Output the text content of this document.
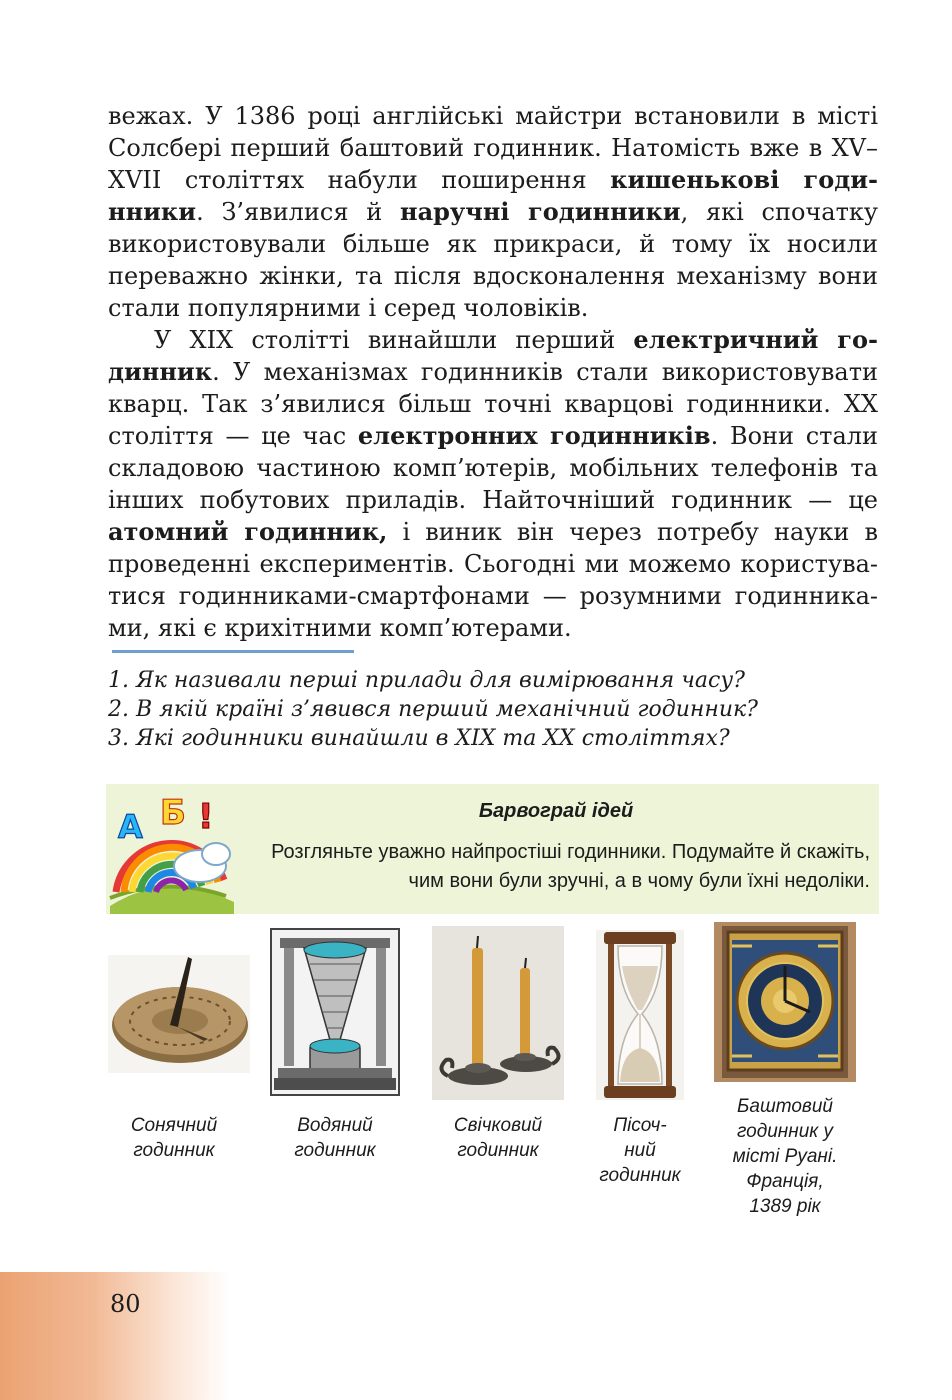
вежах. У 1386 році англійські майстри встановили в місті Солсбері перший баштовий годинник. Натомість вже в XV–XVII століттях набули поширення кишенькові годинники. З’явилися й наручні годинники, які спочатку використовували більше як прикраси, й тому їх носили переважно жінки, та після вдосконалення механізму вони стали популярними і серед чоловіків.

У XIX столітті винайшли перший електричний годинник. У механізмах годинників стали використовувати кварц. Так з’явилися більш точні кварцові годинники. XX століття — це час електронних годинників. Вони стали складовою частиною комп’ютерів, мобільних телефонів та інших побутових приладів. Найточніший годинник — це атомний годинник, і виник він через потребу науки в проведенні експериментів. Сьогодні ми можемо користуватися годинниками-смартфонами — розумними годинниками, які є крихітними комп’ютерами.

1. Як називали перші прилади для вимірювання часу?
2. В якій країні з’явився перший механічний годинник?
3. Які годинники винайшли в XIX та XX століттях?
А Б !	Барвограй ідей

Розгляньте уважно найпростіші годинники. Подумайте й скажіть, чим вони були зручні, а в чому були їхні недоліки.

Сонячний
годинник
Водяний
годинник
Свічковий
годинник
Пісоч-
ний
годинник
Баштовий
годинник у
місті Руані.
Франція,
1389 рік
80
